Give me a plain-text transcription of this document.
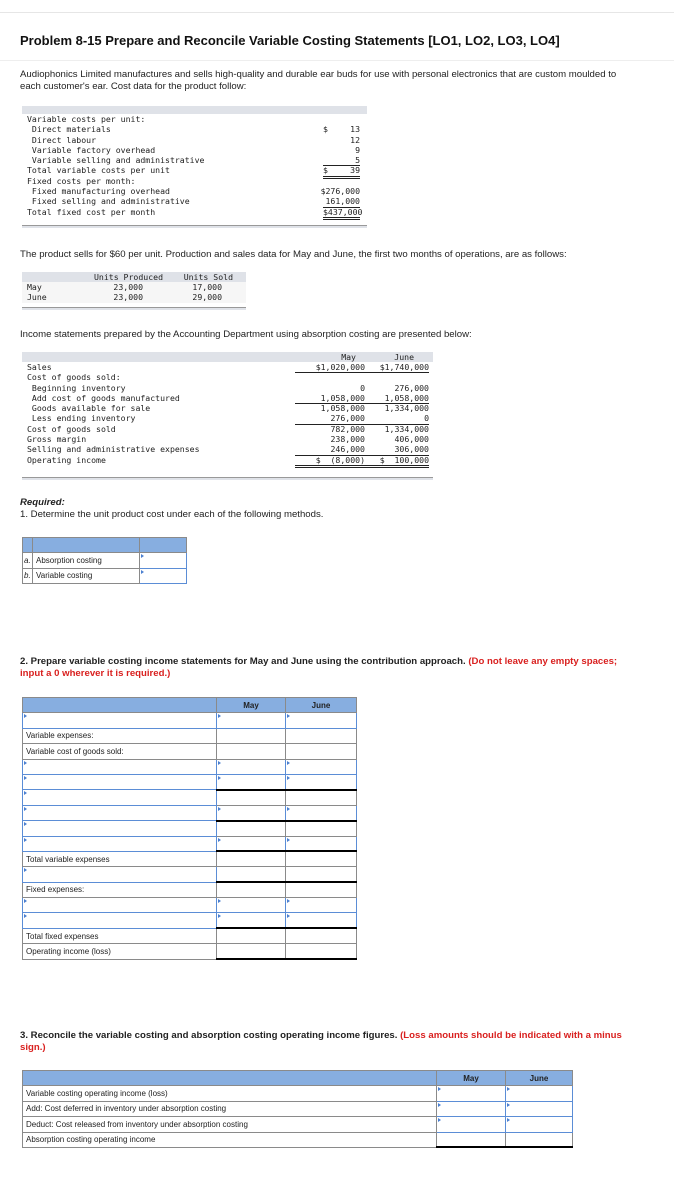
Problem 8-15 Prepare and Reconcile Variable Costing Statements [LO1, LO2, LO3, LO4]
Audiophonics Limited manufactures and sells high-quality and durable ear buds for use with personal electronics that are custom moulded to each customer's ear. Cost data for the product follow:
Variable costs per unit:
Direct materials	$	13
Direct labour	12
Variable factory overhead	9
Variable selling and administrative	5
Total variable costs per unit	$	39
Fixed costs per month:
Fixed manufacturing overhead	$276,000
Fixed selling and administrative	161,000
Total fixed cost per month	$437,000
The product sells for $60 per unit. Production and sales data for May and June, the first two months of operations, are as follows:
Units Produced	Units Sold
May	23,000	17,000
June	23,000	29,000
Income statements prepared by the Accounting Department using absorption costing are presented below:
May	June
Sales	$1,020,000	$1,740,000
Cost of goods sold:
Beginning inventory	0	276,000
Add cost of goods manufactured	1,058,000	1,058,000
Goods available for sale	1,058,000	1,334,000
Less ending inventory	276,000	0
Cost of goods sold	782,000	1,334,000
Gross margin	238,000	406,000
Selling and administrative expenses	246,000	306,000
Operating income	$  (8,000)	$  100,000
Required:
1. Determine the unit product cost under each of the following methods.

a.	Absorption costing	
b.	Variable costing	
2. Prepare variable costing income statements for May and June using the contribution approach. (Do not leave any empty spaces; input a 0 wherever it is required.)
	May	June

Variable expenses:		
Variable cost of goods sold:		

Total variable expenses		

Fixed expenses:		

Total fixed expenses		
Operating income (loss)		
3. Reconcile the variable costing and absorption costing operating income figures. (Loss amounts should be indicated with a minus sign.)
	May	June
Variable costing operating income (loss)		
Add: Cost deferred in inventory under absorption costing		
Deduct: Cost released from inventory under absorption costing		
Absorption costing operating income		
